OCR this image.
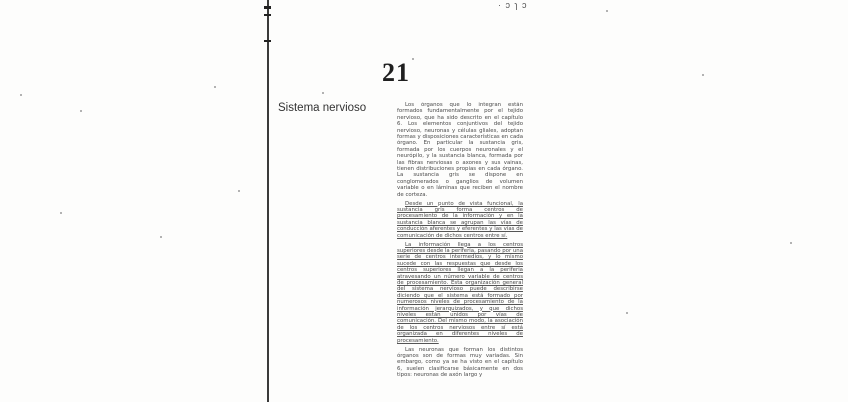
· ɔ ɿ ɔ
21
Sistema nervioso	Los órganos que lo integran están formados fundamentalmente por el tejido nervioso, que ha sido descrito en el capítulo 6. Los elementos conjuntivos del tejido nervioso, neuronas y células gliales, adoptan formas y disposiciones características en cada órgano. En particular la sustancia gris, formada por los cuerpos neuronales y el neurópilo, y la sustancia blanca, formada por las fibras nerviosas o axones y sus vainas, tienen distribuciones propias en cada órgano. La sustancia gris se dispone en conglomerados o ganglios de volumen variable o en láminas que reciben el nombre de corteza.

Desde un punto de vista funcional, la sustancia gris forma centros de procesamiento de la información y en la sustancia blanca se agrupan las vías de conducción aferentes y eferentes y las vías de comunicación de dichos centros entre sí.

La información llega a los centros superiores desde la periferia, pasando por una serie de centros intermedios, y lo mismo sucede con las respuestas que desde los centros superiores llegan a la periferia atravesando un número variable de centros de procesamiento. Esta organización general del sistema nervioso puede describirse diciendo que el sistema está formado por numerosos niveles de procesamiento de la información jerarquizados, y que dichos niveles están unidos por vías de comunicación. Del mismo modo, la asociación de los centros nerviosos entre sí está organizada en diferentes niveles de procesamiento.

Las neuronas que forman los distintos órganos son de formas muy variadas. Sin embargo, como ya se ha visto en el capítulo 6, suelen clasificarse básicamente en dos tipos: neuronas de axón largo y
